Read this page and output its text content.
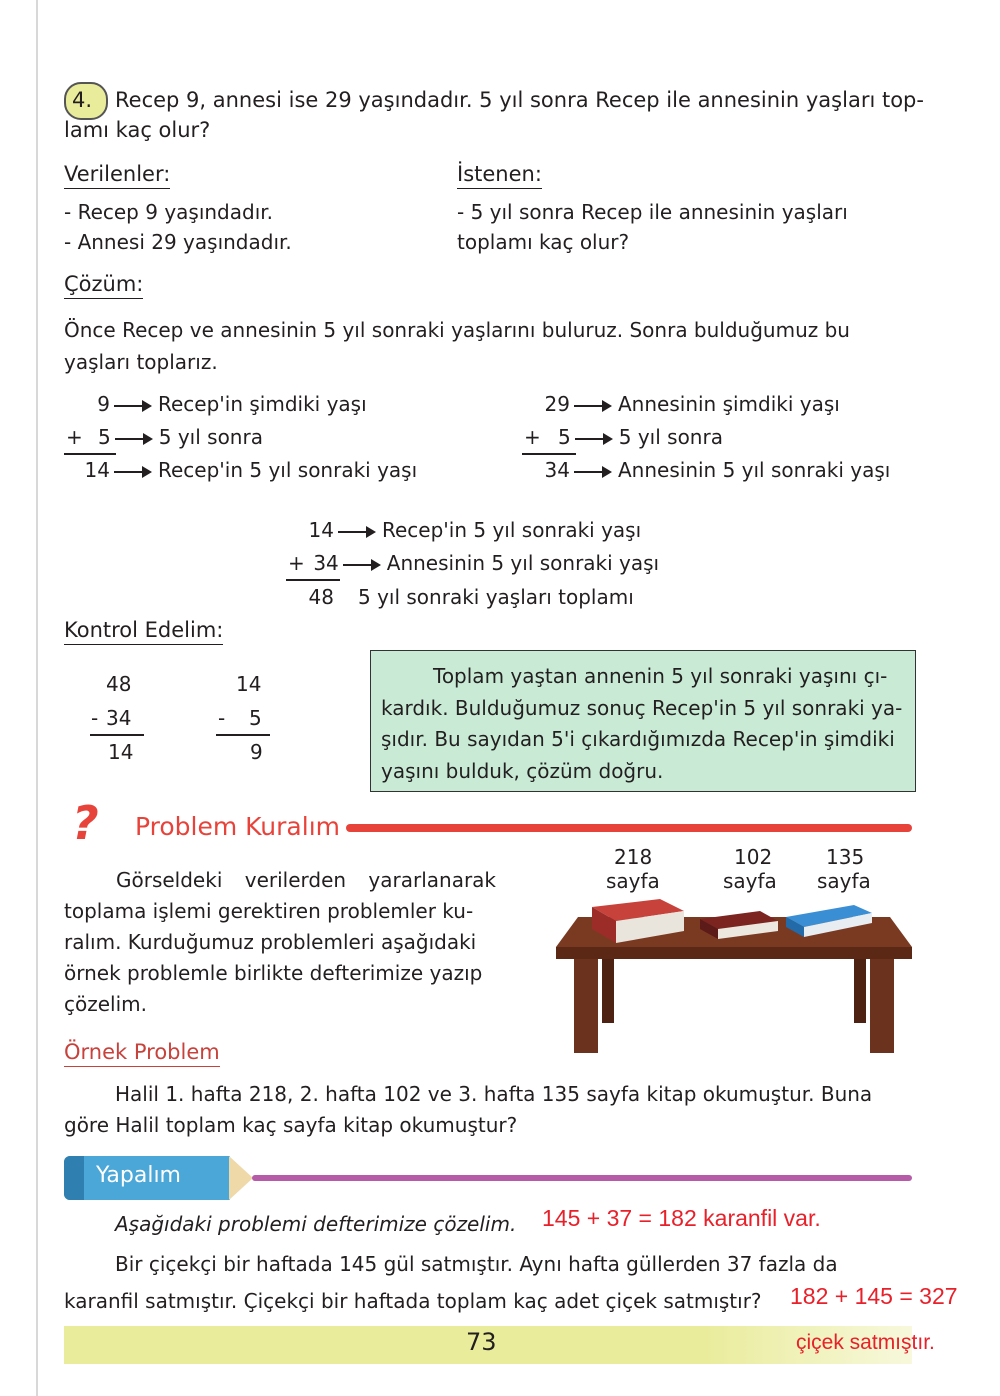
4. Recep 9, annesi ise 29 yaşındadır. 5 yıl sonra Recep ile annesinin yaşları top-
lamı kaç olur?
Verilenler:
- Recep 9 yaşındadır.
- Annesi 29 yaşındadır.
İstenen:
- 5 yıl sonra Recep ile annesinin yaşları
toplamı kaç olur?
Çözüm:
Önce Recep ve annesinin 5 yıl sonraki yaşlarını buluruz. Sonra bulduğumuz bu
yaşları toplarız.
9 Recep'in şimdiki yaşı
+ 5 5 yıl sonra
14 Recep'in 5 yıl sonraki yaşı
29 Annesinin şimdiki yaşı
+ 5 5 yıl sonra
34 Annesinin 5 yıl sonraki yaşı
14 Recep'in 5 yıl sonraki yaşı
+ 34 Annesinin 5 yıl sonraki yaşı
48 5 yıl sonraki yaşları toplamı
Kontrol Edelim:
48
- 34
14
14
- 5
9
Toplam yaştan annenin 5 yıl sonraki yaşını çı-
kardık. Bulduğumuz sonuç Recep'in 5 yıl sonraki ya-
şıdır. Bu sayıdan 5'i çıkardığımızda Recep'in şimdiki
yaşını bulduk, çözüm doğru.
? Problem Kuralım
Görseldeki verilerden yararlanarak
toplama işlemi gerektiren problemler ku-
ralım. Kurduğumuz problemleri aşağıdaki
örnek problemle birlikte defterimize yazıp
çözelim.
218
sayfa
102
sayfa
135
sayfa
Örnek Problem
Halil 1. hafta 218, 2. hafta 102 ve 3. hafta 135 sayfa kitap okumuştur. Buna
göre Halil toplam kaç sayfa kitap okumuştur?
Yapalım
Aşağıdaki problemi defterimize çözelim. 145 + 37 = 182 karanfil var.
Bir çiçekçi bir haftada 145 gül satmıştır. Aynı hafta güllerden 37 fazla da
karanfil satmıştır. Çiçekçi bir haftada toplam kaç adet çiçek satmıştır? 182 + 145 = 327
73	çiçek satmıştır.
